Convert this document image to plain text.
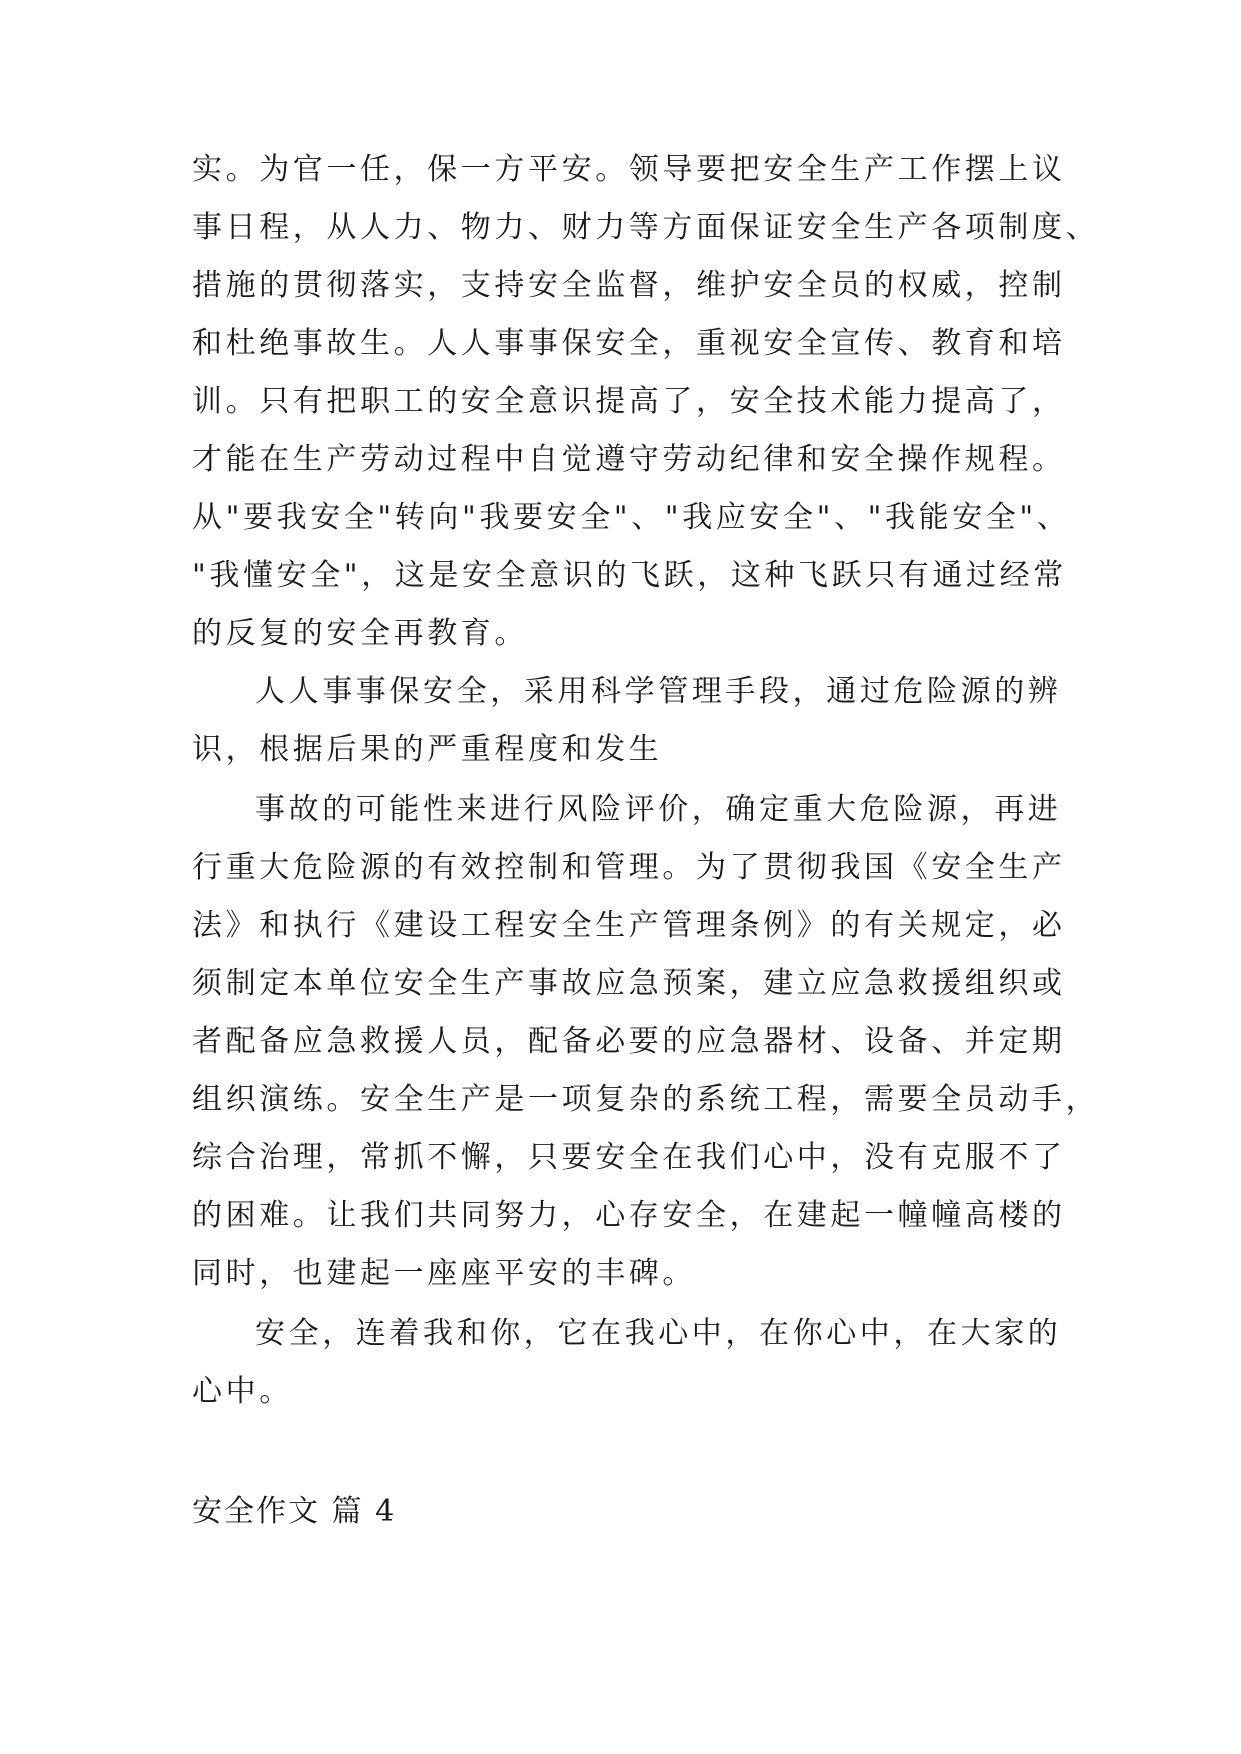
实。为官一任，保一方平安。领导要把安全生产工作摆上议
事日程，从人力、物力、财力等方面保证安全生产各项制度、
措施的贯彻落实，支持安全监督，维护安全员的权威，控制
和杜绝事故生。人人事事保安全，重视安全宣传、教育和培
训。只有把职工的安全意识提高了，安全技术能力提高了，
才能在生产劳动过程中自觉遵守劳动纪律和安全操作规程。
从"要我安全"转向"我要安全"、"我应安全"、"我能安全"、
"我懂安全"，这是安全意识的飞跃，这种飞跃只有通过经常
的反复的安全再教育。
人人事事保安全，采用科学管理手段，通过危险源的辨
识，根据后果的严重程度和发生
事故的可能性来进行风险评价，确定重大危险源，再进
行重大危险源的有效控制和管理。为了贯彻我国《安全生产
法》和执行《建设工程安全生产管理条例》的有关规定，必
须制定本单位安全生产事故应急预案，建立应急救援组织或
者配备应急救援人员，配备必要的应急器材、设备、并定期
组织演练。安全生产是一项复杂的系统工程，需要全员动手，
综合治理，常抓不懈，只要安全在我们心中，没有克服不了
的困难。让我们共同努力，心存安全，在建起一幢幢高楼的
同时，也建起一座座平安的丰碑。
安全，连着我和你，它在我心中，在你心中，在大家的
心中。
安全作文 篇 4
